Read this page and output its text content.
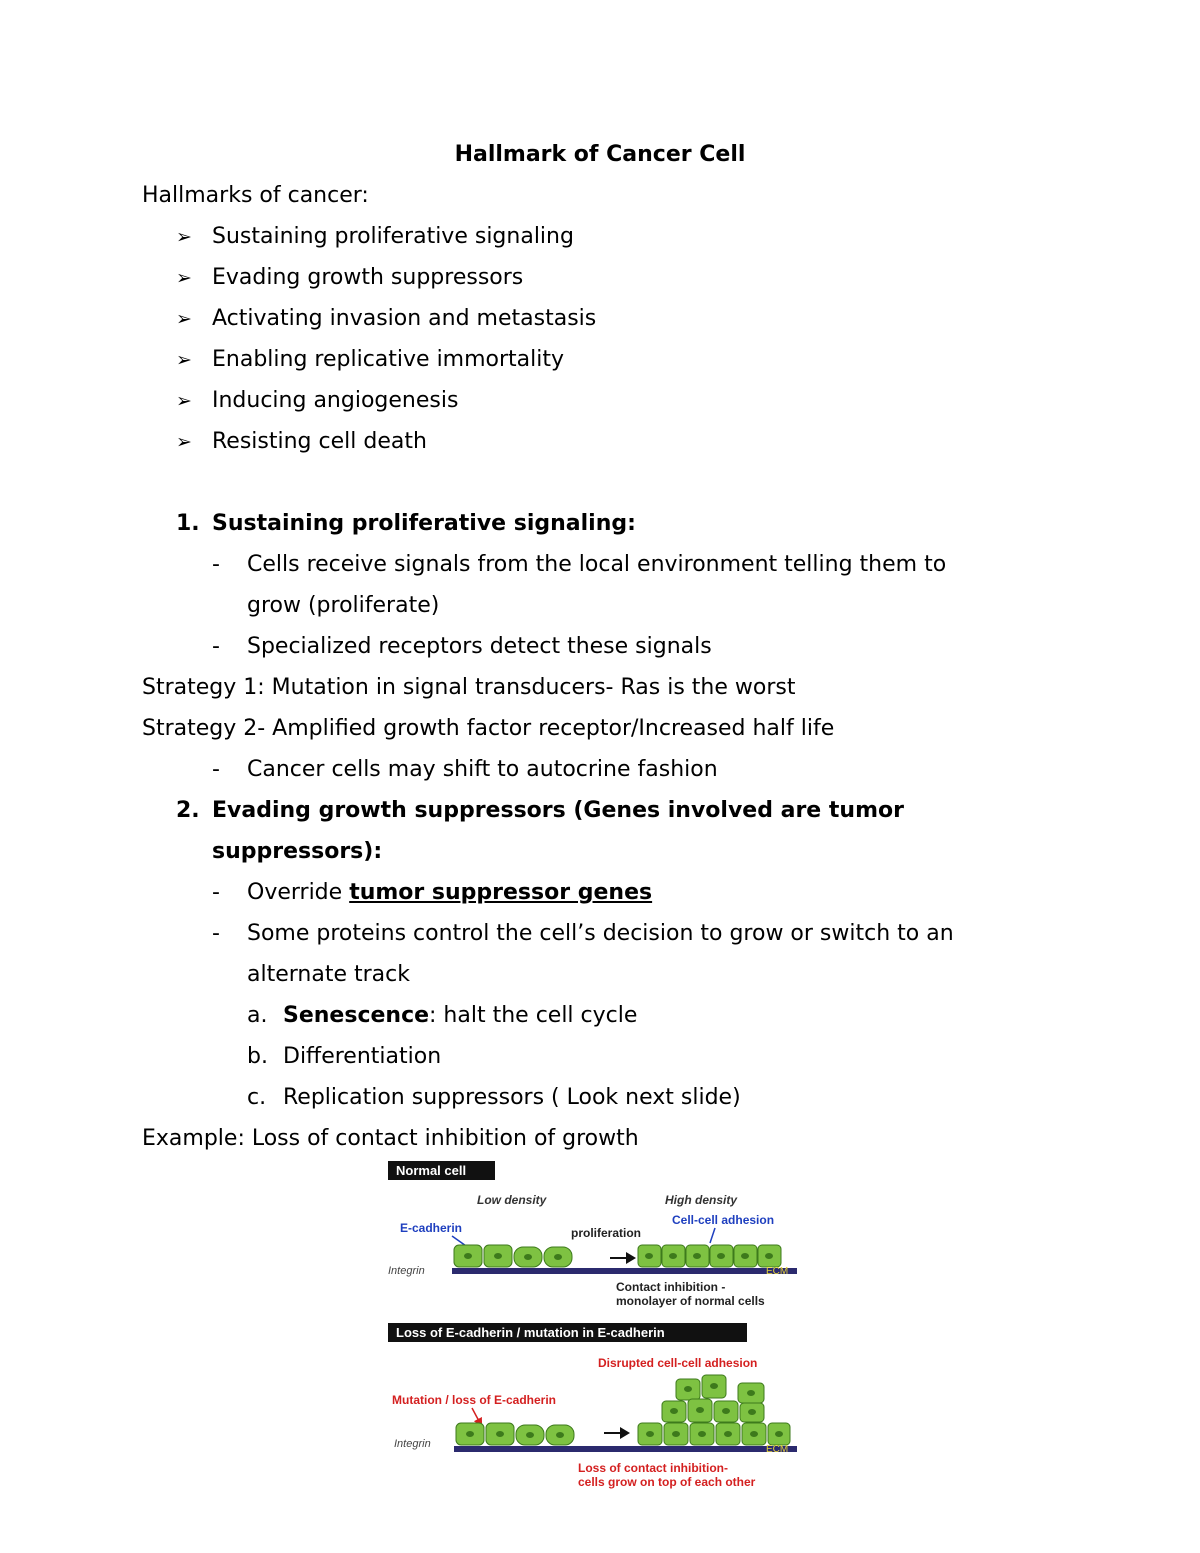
Hallmark of Cancer Cell
Hallmarks of cancer:
➢ Sustaining proliferative signaling
➢ Evading growth suppressors
➢ Activating invasion and metastasis
➢ Enabling replicative immortality
➢ Inducing angiogenesis
➢ Resisting cell death
1. Sustaining proliferative signaling:
- Cells receive signals from the local environment telling them to
grow (proliferate)
- Specialized receptors detect these signals
Strategy 1: Mutation in signal transducers- Ras is the worst
Strategy 2- Amplified growth factor receptor/Increased half life
- Cancer cells may shift to autocrine fashion
2. Evading growth suppressors (Genes involved are tumor
suppressors):
- Override tumor suppressor genes
- Some proteins control the cell’s decision to grow or switch to an
alternate track
a. Senescence: halt the cell cycle
b. Differentiation
c. Replication suppressors ( Look next slide)
Example: Loss of contact inhibition of growth
Normal cell
Low density	High density
E-cadherin	proliferation
Cell-cell adhesion
Integrin	ECM
Contact inhibition -
monolayer of normal cells
Loss of E-cadherin / mutation in E-cadherin
Disrupted cell-cell adhesion
Mutation / loss of E-cadherin
Integrin	ECM
Loss of contact inhibition-
cells grow on top of each other
